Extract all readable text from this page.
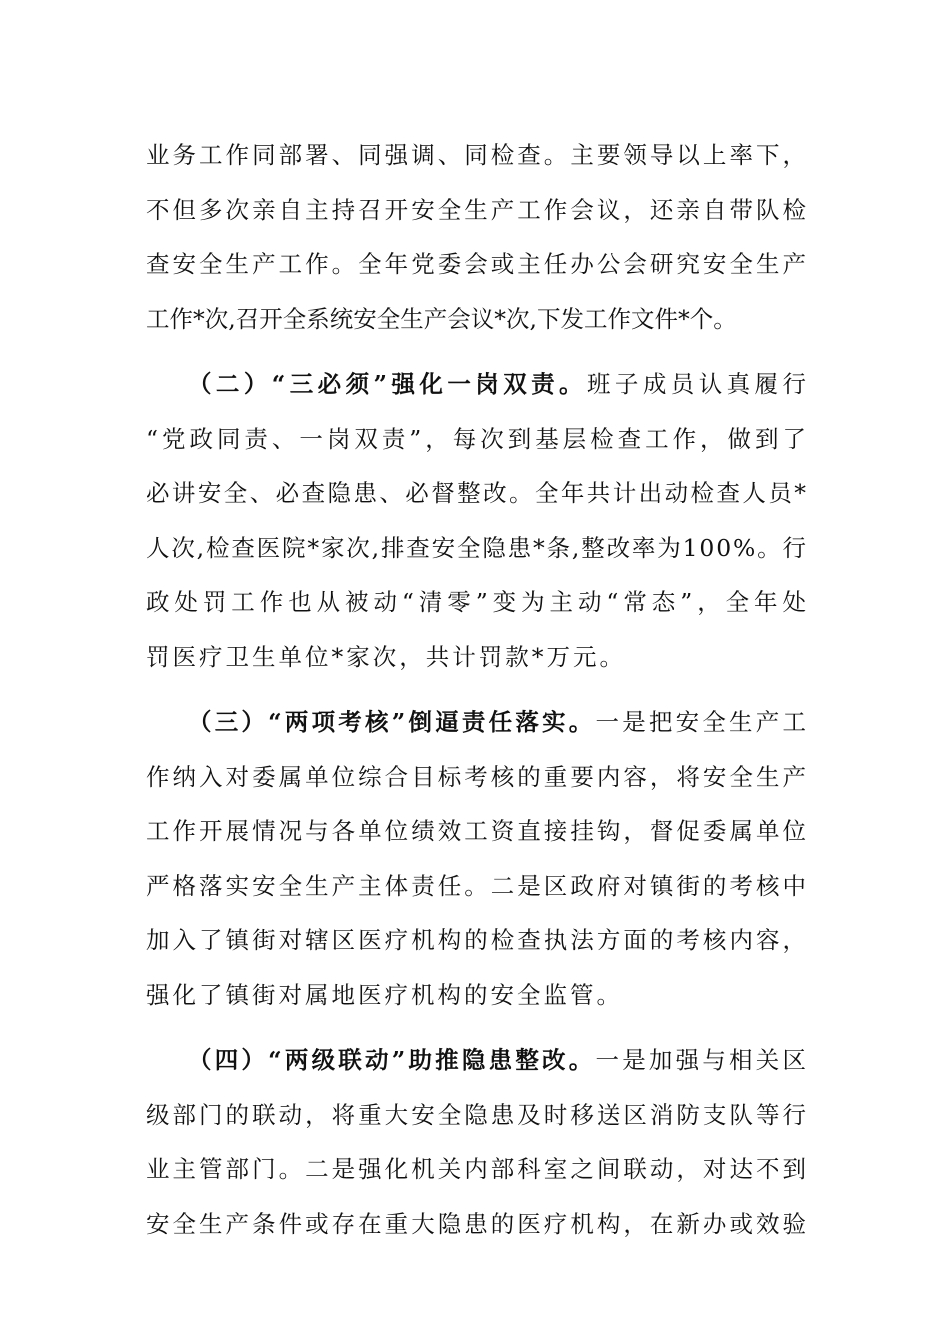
业务工作同部署、同强调、同检查。主要领导以上率下，
不但多次亲自主持召开安全生产工作会议，还亲自带队检
查安全生产工作。全年党委会或主任办公会研究安全生产
工作*次,召开全系统安全生产会议*次,下发工作文件*个。
（二）“三必须”强化一岗双责。 班子成员认真履行
“党政同责、一岗双责”，每次到基层检查工作，做到了
必讲安全、必查隐患、必督整改。全年共计出动检查人员*
人次,检查医院*家次,排查安全隐患*条,整改率为100%。行
政处罚工作也从被动“清零”变为主动“常态”，全年处
罚医疗卫生单位*家次，共计罚款*万元。
（三）“两项考核”倒逼责任落实。 一是把安全生产工
作纳入对委属单位综合目标考核的重要内容，将安全生产
工作开展情况与各单位绩效工资直接挂钩，督促委属单位
严格落实安全生产主体责任。二是区政府对镇街的考核中
加入了镇街对辖区医疗机构的检查执法方面的考核内容，
强化了镇街对属地医疗机构的安全监管。
（四）“两级联动”助推隐患整改。 一是加强与相关区
级部门的联动，将重大安全隐患及时移送区消防支队等行
业主管部门。二是强化机关内部科室之间联动，对达不到
安全生产条件或存在重大隐患的医疗机构，在新办或效验
